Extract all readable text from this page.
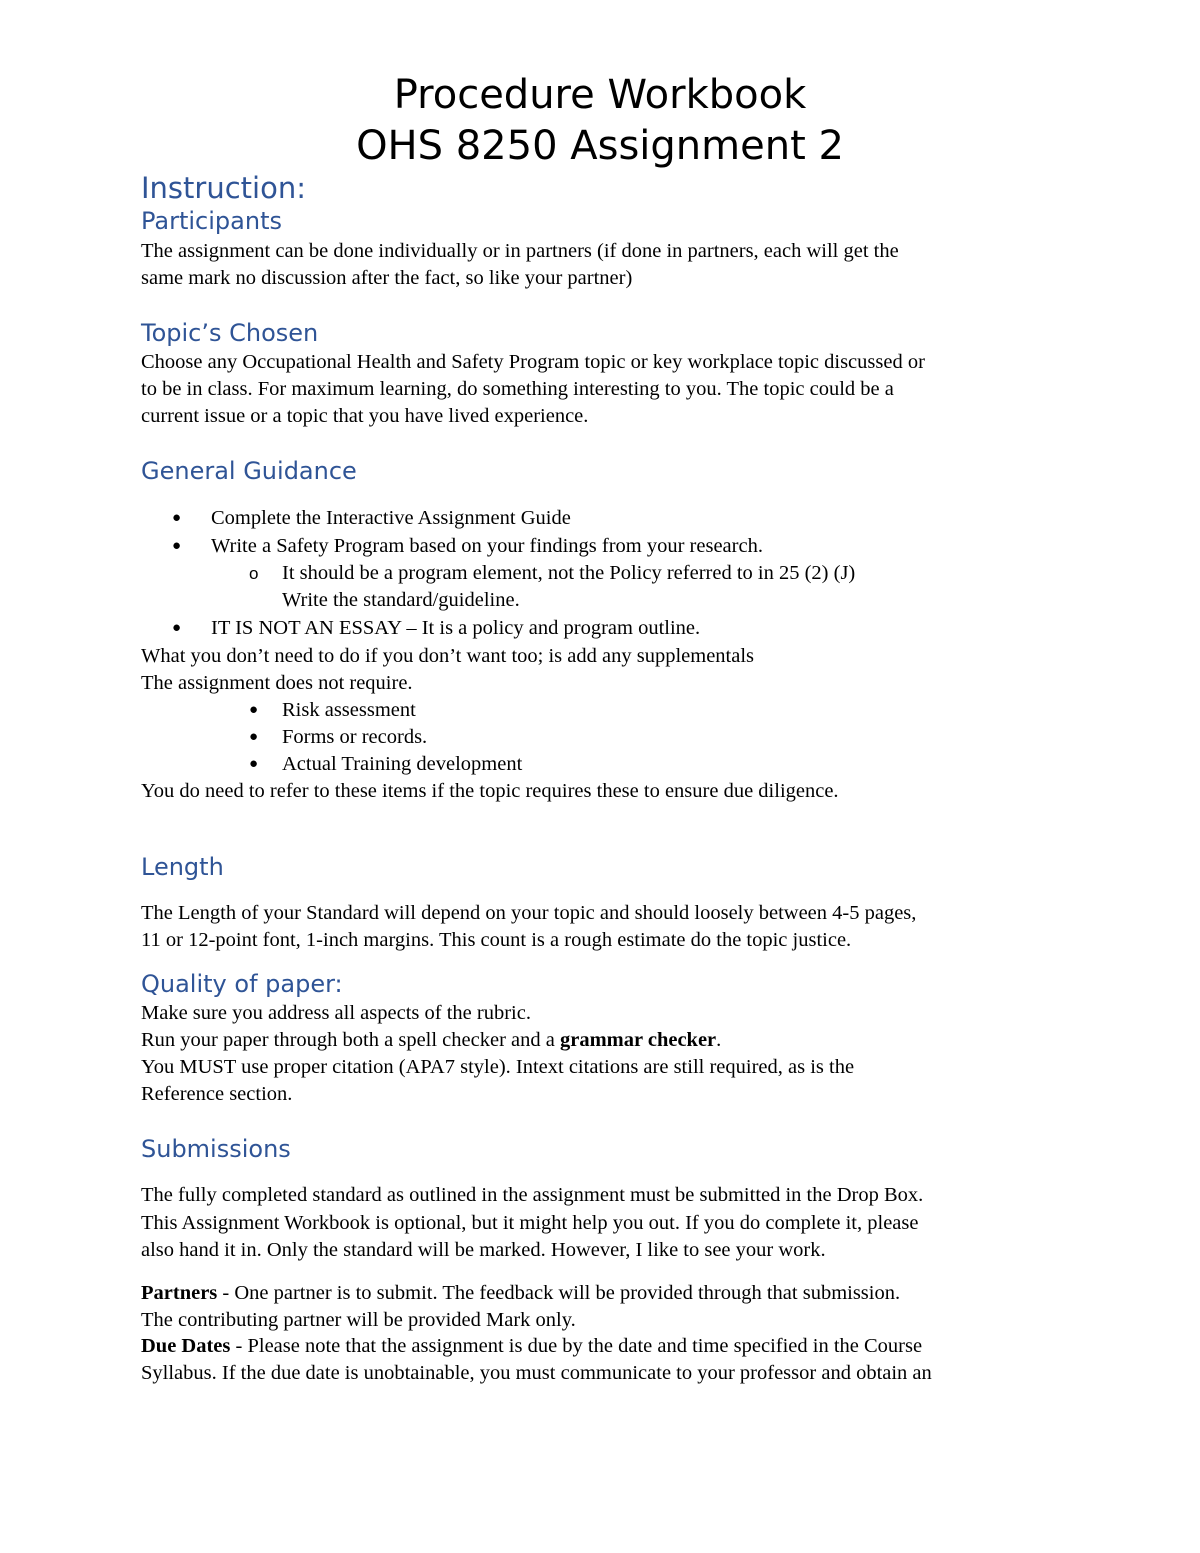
Procedure Workbook
OHS 8250 Assignment 2
Instruction:
Participants
The assignment can be done individually or in partners (if done in partners, each will get the
same mark no discussion after the fact, so like your partner)
Topic’s Chosen
Choose any Occupational Health and Safety Program topic or key workplace topic discussed or
to be in class. For maximum learning, do something interesting to you. The topic could be a
current issue or a topic that you have lived experience.
General Guidance
● Complete the Interactive Assignment Guide
● Write a Safety Program based on your findings from your research.
o It should be a program element, not the Policy referred to in 25 (2) (J)
Write the standard/guideline.
● IT IS NOT AN ESSAY – It is a policy and program outline.
What you don’t need to do if you don’t want too; is add any supplementals
The assignment does not require.
● Risk assessment
● Forms or records.
● Actual Training development
You do need to refer to these items if the topic requires these to ensure due diligence.
Length
The Length of your Standard will depend on your topic and should loosely between 4-5 pages,
11 or 12-point font, 1-inch margins. This count is a rough estimate do the topic justice.
Quality of paper:
Make sure you address all aspects of the rubric.
Run your paper through both a spell checker and a grammar checker.
You MUST use proper citation (APA7 style). Intext citations are still required, as is the
Reference section.
Submissions
The fully completed standard as outlined in the assignment must be submitted in the Drop Box.
This Assignment Workbook is optional, but it might help you out. If you do complete it, please
also hand it in. Only the standard will be marked. However, I like to see your work.
Partners - One partner is to submit. The feedback will be provided through that submission.
The contributing partner will be provided Mark only.
Due Dates - Please note that the assignment is due by the date and time specified in the Course
Syllabus. If the due date is unobtainable, you must communicate to your professor and obtain an
